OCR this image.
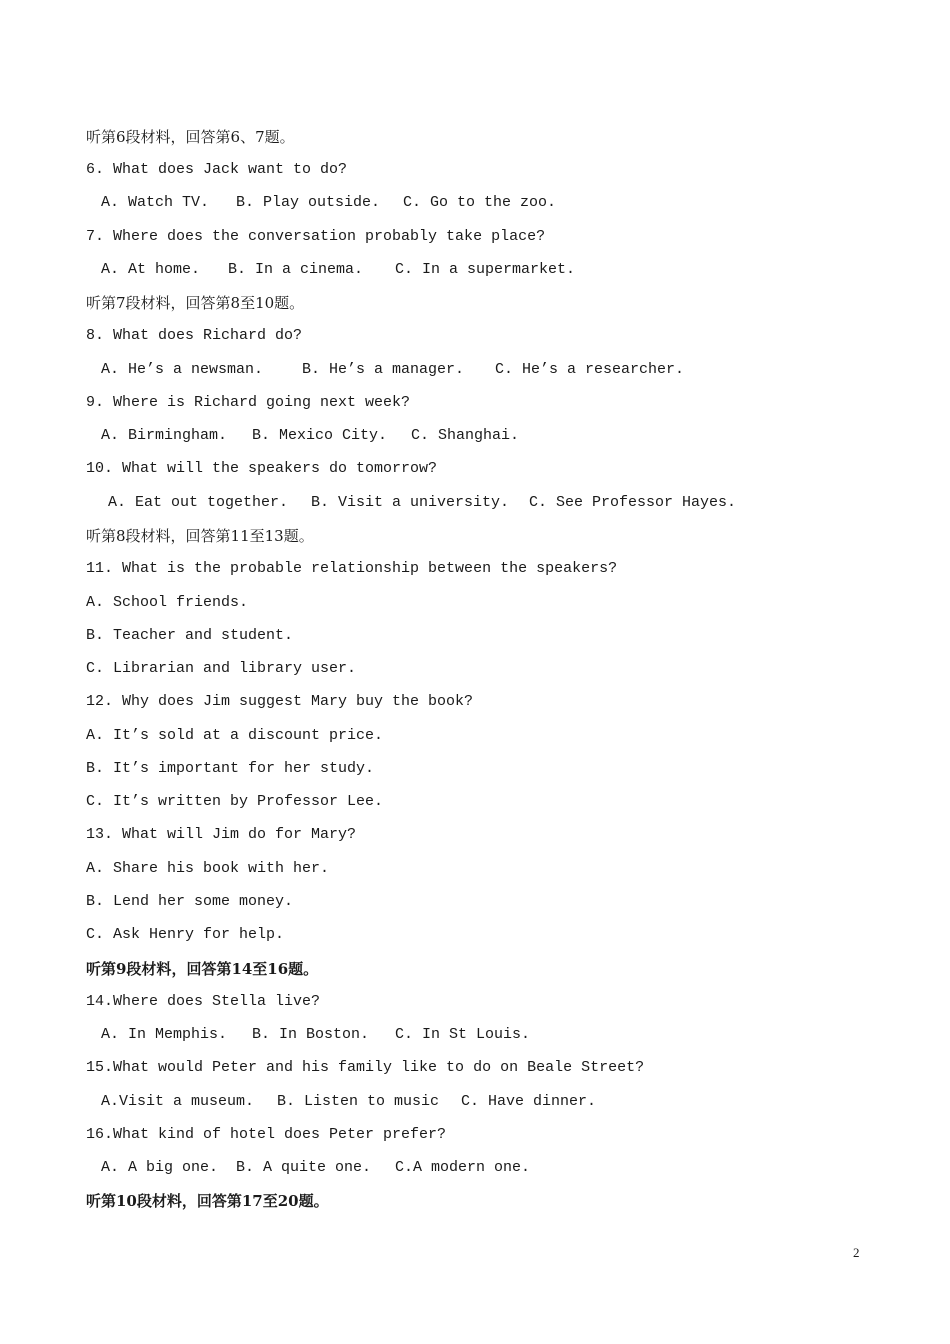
听第6段材料，回答第6、7题。
6. What does Jack want to do?

A. Watch TV.

B. Play outside.

C. Go to the zoo.

7. Where does the conversation probably take place?

A. At home.

B. In a cinema.

C. In a supermarket.

听第7段材料，回答第8至10题。
8. What does Richard do?

A. He’s a newsman.

	B. He’s a manager.

C. He’s a researcher.

9. Where is Richard going next week?

A. Birmingham.

B. Mexico City.

C. Shanghai.

10. What will the speakers do tomorrow?

A. Eat out together.

B. Visit a university.

C. See Professor Hayes.

听第8段材料，回答第11至13题。
11. What is the probable relationship between the speakers?
A. School friends.
B. Teacher and student.
C. Librarian and library user.
12. Why does Jim suggest Mary buy the book?
A. It’s sold at a discount price.
B. It’s important for her study.
C. It’s written by Professor Lee.
13. What will Jim do for Mary?
A. Share his book with her.
B. Lend her some money.
C. Ask Henry for help.
听第9段材料，回答第14至16题。
14.Where does Stella live?

A. In Memphis.

B. In Boston.

C. In St Louis.

15.What would Peter and his family like to do on Beale Street?

A.Visit a museum.

B. Listen to music

C. Have dinner.

16.What kind of hotel does Peter prefer?

A. A big one.

B. A quite one.

C.A modern one.

听第10段材料，回答第17至20题。
2
